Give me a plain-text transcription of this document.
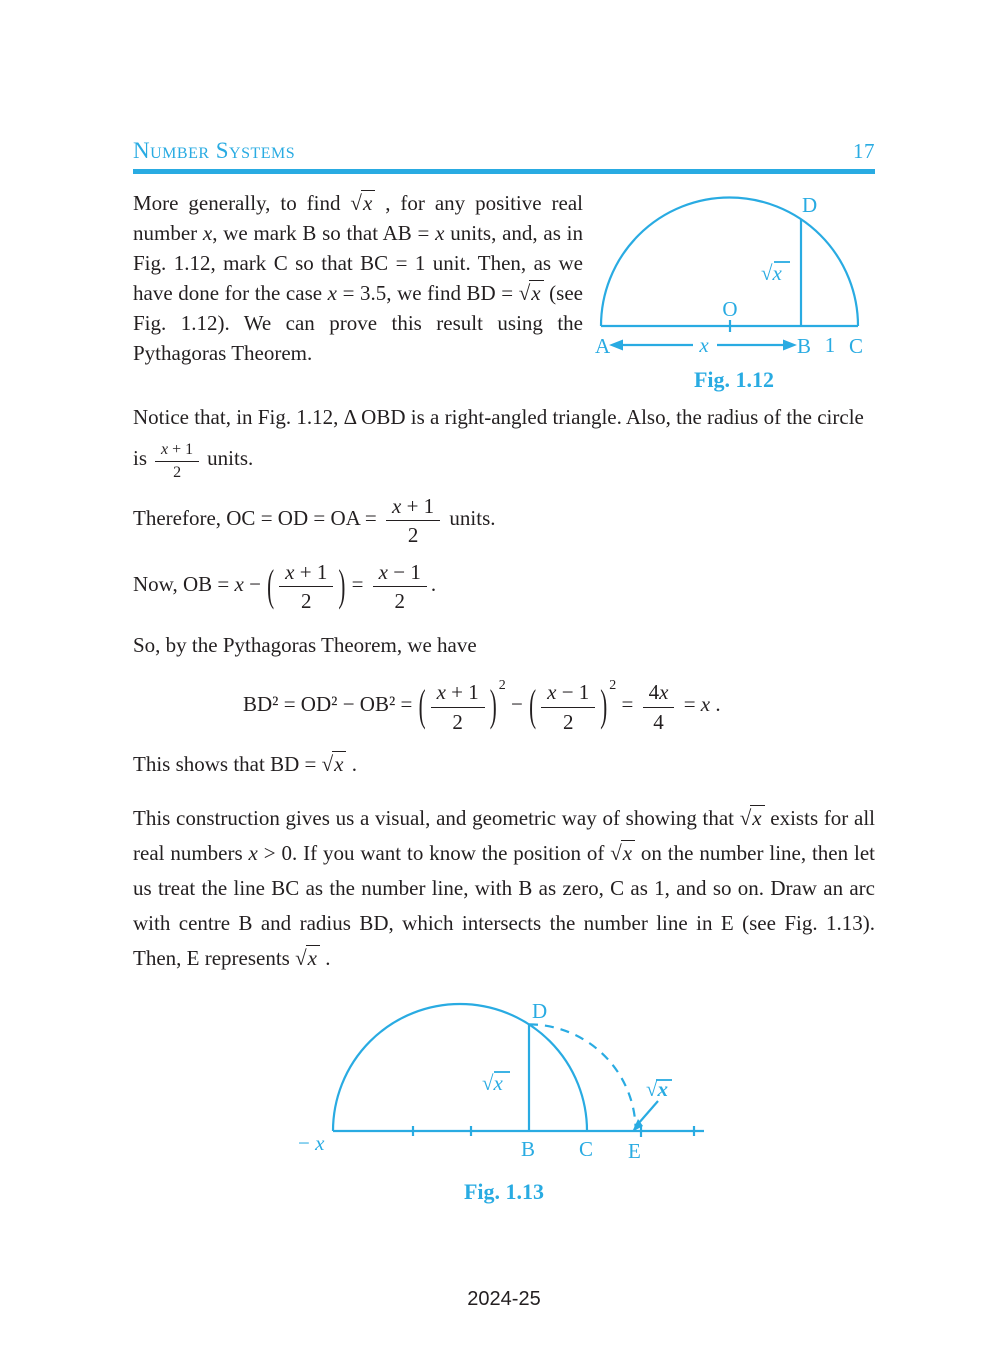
Number Systems	17
More generally, to find √x , for any positive real number x, we mark B so that AB = x units, and, as in Fig. 1.12, mark C so that BC = 1 unit. Then, as we have done for the case x = 3.5, we find BD = √x (see Fig. 1.12). We can prove this result using the Pythagoras Theorem.
D
O
√x
A	x	B 1 C
Fig. 1.12
Notice that, in Fig. 1.12, Δ OBD is a right-angled triangle. Also, the radius of the circle
is $\frac{x + 1}{2}$ units.
Therefore, OC = OD = OA = $\frac{x + 1}{2}$ units.
Now, OB = x − ( $\frac{x + 1}{2}$ ) = $\frac{x - 1}{2}$ .
So, by the Pythagoras Theorem, we have
BD² = OD² − OB² = ( $\frac{x + 1}{2}$ ) $^2$ − ( $\frac{x - 1}{2}$ ) $^2 = \frac{4x}{4} = x$ .
This shows that BD = √x .
This construction gives us a visual, and geometric way of showing that √x exists for all real numbers x > 0. If you want to know the position of √x on the number line, then let us treat the line BC as the number line, with B as zero, C as 1, and so on. Draw an arc with centre B and radius BD, which intersects the number line in E (see Fig. 1.13). Then, E represents √x .
D
√x
− x	B C E
√x
Fig. 1.13
2024-25
